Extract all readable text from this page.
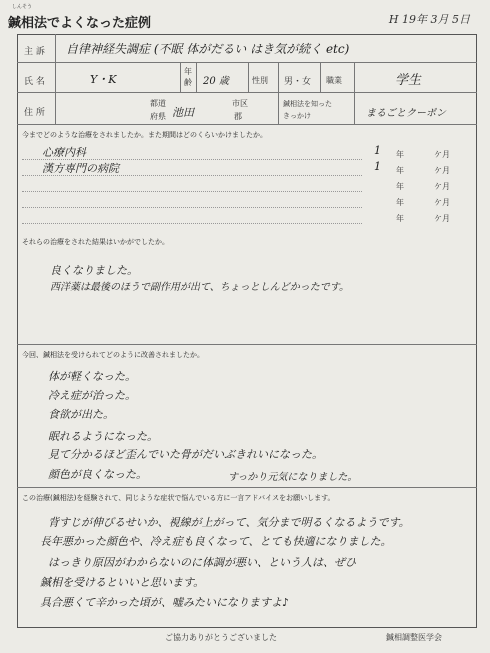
しんそう
鍼相法でよくなった症例	H 19年 3月 5日
主 訴 自律神経失調症 (不眠 体がだるい はき気が続く etc)
氏 名	Y・K
年齢 20 歳	性別 男・女 職業	学生
住 所
都道
府県 池田
市区
郡
鍼相法を知った
きっかけ	まるごとクーポン
今までどのような治療をされましたか。また期間はどのくらいかけましたか。
心療内科	1 年	ケ月
漢方専門の病院	1 年	ケ月
年	ケ月
年	ケ月
年	ケ月
それらの治療をされた結果はいかがでしたか。
良くなりました。
西洋薬は最後のほうで副作用が出て、ちょっとしんどかったです。
今回、鍼相法を受けられてどのように改善されましたか。
体が軽くなった。
冷え症が治った。
食欲が出た。
眠れるようになった。
見て分かるほど歪んでいた骨がだいぶきれいになった。
顔色が良くなった。	すっかり元気になりました。
この治療(鍼相法)を経験されて、同じような症状で悩んでいる方に一言アドバイスをお願いします。
背すじが伸びるせいか、視線が上がって、気分まで明るくなるようです。
長年悪かった顔色や、冷え症も良くなって、とても快適になりました。
はっきり原因がわからないのに体調が悪い、という人は、ぜひ
鍼相を受けるといいと思います。
具合悪くて辛かった頃が、嘘みたいになりますよ♪
ご協力ありがとうございました	鍼相調整医学会
